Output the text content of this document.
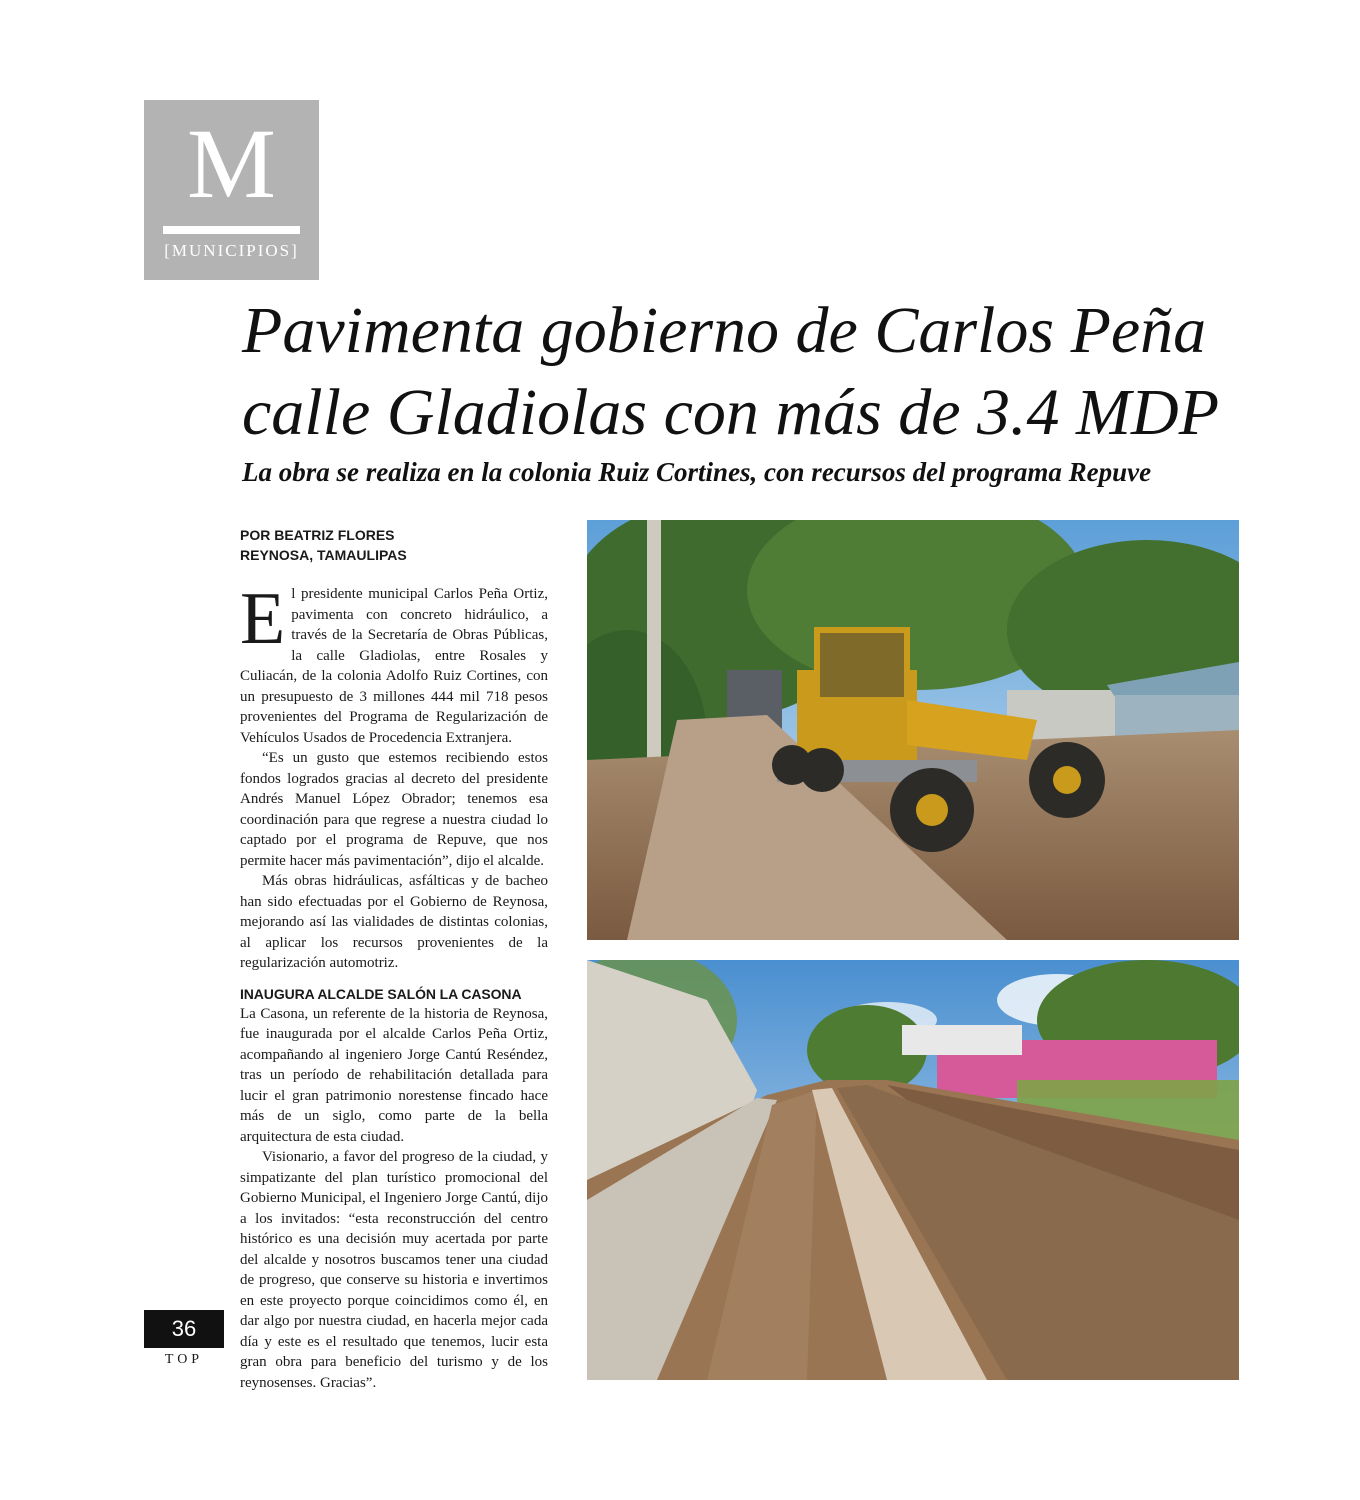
M
[MUNICIPIOS]
Pavimenta gobierno de Carlos Peña calle Gladiolas con más de 3.4 MDP
La obra se realiza en la colonia Ruiz Cortines, con recursos del programa Repuve
POR BEATRIZ FLORES
REYNOSA, TAMAULIPAS

El presidente municipal Carlos Peña Ortiz, pavimenta con concreto hidráulico, a través de la Secretaría de Obras Públicas, la calle Gladiolas, entre Rosales y Culiacán, de la colonia Adolfo Ruiz Cortines, con un presupuesto de 3 millones 444 mil 718 pesos provenientes del Programa de Regularización de Vehículos Usados de Procedencia Extranjera.

“Es un gusto que estemos recibiendo estos fondos logrados gracias al decreto del presidente Andrés Manuel López Obrador; tenemos esa coordinación para que regrese a nuestra ciudad lo captado por el programa de Repuve, que nos permite hacer más pavimentación”, dijo el alcalde.

Más obras hidráulicas, asfálticas y de bacheo han sido efectuadas por el Gobierno de Reynosa, mejorando así las vialidades de distintas colonias, al aplicar los recursos provenientes de la regularización automotriz.

INAUGURA ALCALDE SALÓN LA CASONA

La Casona, un referente de la historia de Reynosa, fue inaugurada por el alcalde Carlos Peña Ortiz, acompañando al ingeniero Jorge Cantú Reséndez, tras un período de rehabilitación detallada para lucir el gran patrimonio norestense fincado hace más de un siglo, como parte de la bella arquitectura de esta ciudad.

Visionario, a favor del progreso de la ciudad, y simpatizante del plan turístico promocional del Gobierno Municipal, el Ingeniero Jorge Cantú, dijo a los invitados: “esta reconstrucción del centro histórico es una decisión muy acertada por parte del alcalde y nosotros buscamos tener una ciudad de progreso, que conserve su historia e invertimos en este proyecto porque coincidimos como él, en dar algo por nuestra ciudad, en hacerla mejor cada día y este es el resultado que tenemos, lucir esta gran obra para beneficio del turismo y de los reynosenses. Gracias”.

36
TOP
